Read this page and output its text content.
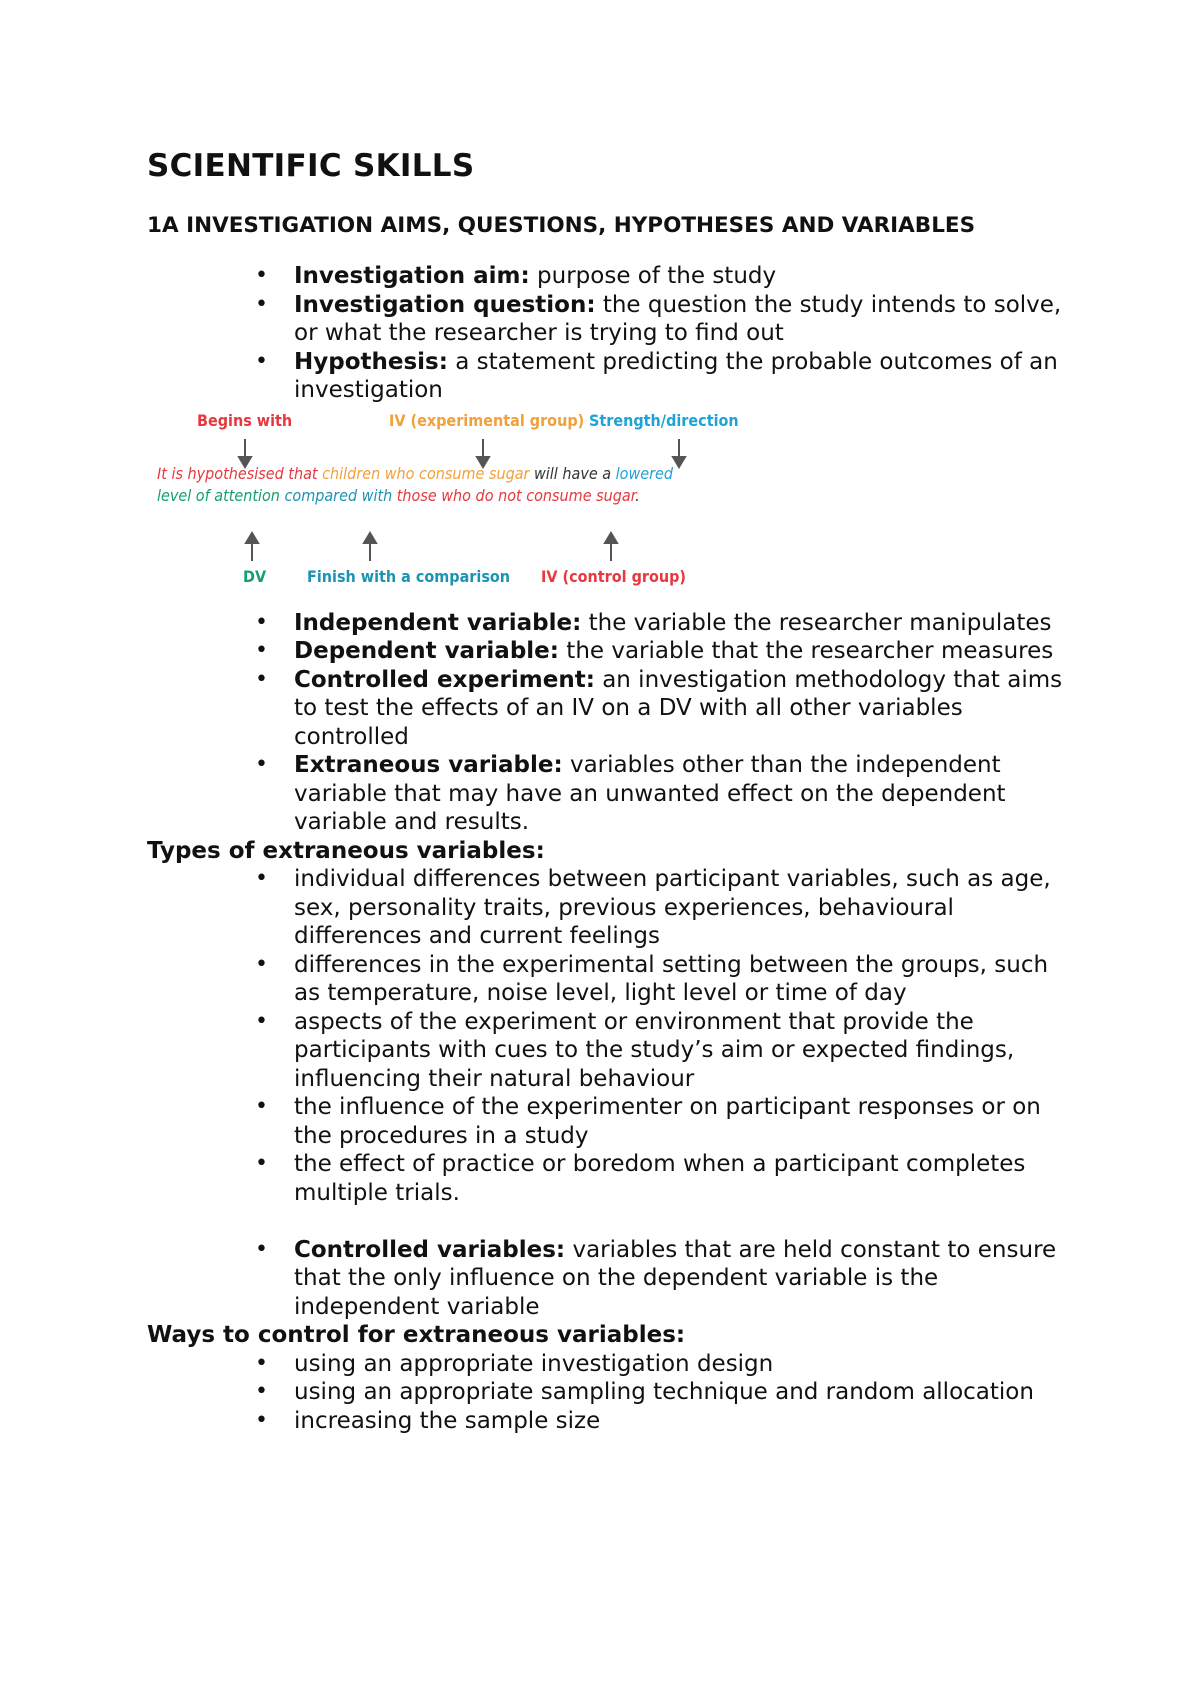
SCIENTIFIC SKILLS
1A INVESTIGATION AIMS, QUESTIONS, HYPOTHESES AND VARIABLES
• Investigation aim: purpose of the study
• Investigation question: the question the study intends to solve, or what the researcher is trying to find out
• Hypothesis: a statement predicting the probable outcomes of an investigation
Begins with	IV (experimental group) Strength/direction
It is hypothesised that children who consume sugar will have a lowered
level of attention compared with those who do not consume sugar.
DV	Finish with a comparison IV (control group)
• Independent variable: the variable the researcher manipulates
• Dependent variable: the variable that the researcher measures
• Controlled experiment: an investigation methodology that aims to test the effects of an IV on a DV with all other variables controlled
• Extraneous variable: variables other than the independent variable that may have an unwanted effect on the dependent variable and results.

Types of extraneous variables:

• individual differences between participant variables, such as age, sex, personality traits, previous experiences, behavioural differences and current feelings
• differences in the experimental setting between the groups, such as temperature, noise level, light level or time of day
• aspects of the experiment or environment that provide the participants with cues to the study’s aim or expected findings, influencing their natural behaviour
• the influence of the experimenter on participant responses or on the procedures in a study
• the effect of practice or boredom when a participant completes multiple trials.
• Controlled variables: variables that are held constant to ensure that the only influence on the dependent variable is the independent variable

Ways to control for extraneous variables:

• using an appropriate investigation design
• using an appropriate sampling technique and random allocation
• increasing the sample size
